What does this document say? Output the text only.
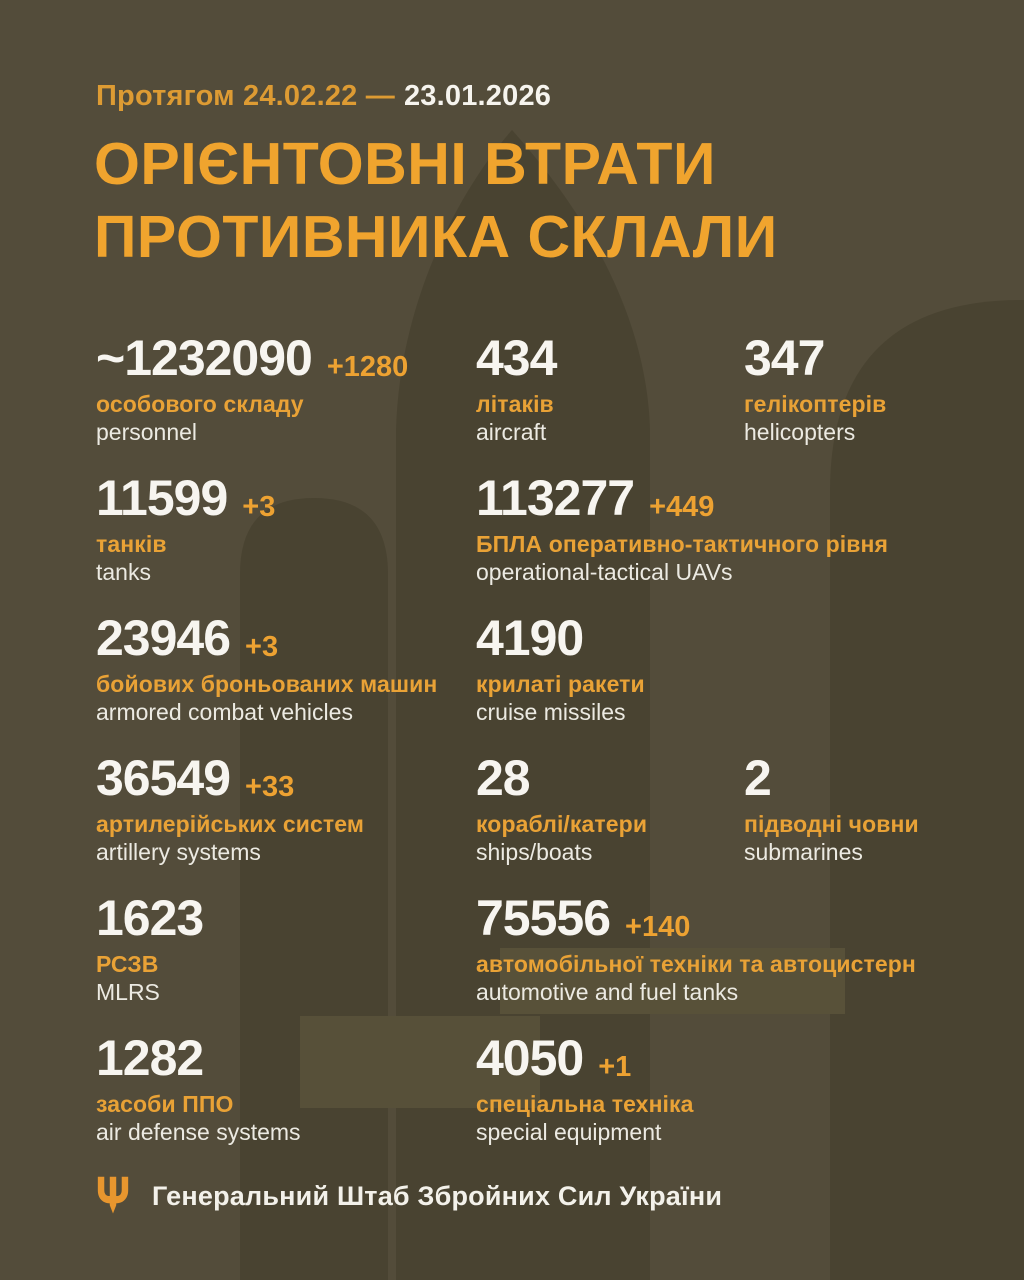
Протягом 24.02.22 — 23.01.2026
ОРІЄНТОВНІ ВТРАТИ
ПРОТИВНИКА СКЛАЛИ
~1232090 +1280
особового складу
personnel
434
літаків
aircraft
347
гелікоптерів
helicopters
11599 +3
танків
tanks
113277 +449
БПЛА оперативно-тактичного рівня
operational-tactical UAVs
23946 +3
бойових броньованих машин
armored combat vehicles
4190
крилаті ракети
cruise missiles
36549 +33
артилерійських систем
artillery systems
28
кораблі/катери
ships/boats
2
підводні човни
submarines
1623
РСЗВ
MLRS
75556 +140
автомобільної техніки та автоцистерн
automotive and fuel tanks
1282
засоби ППО
air defense systems
4050 +1
спеціальна техніка
special equipment
Генеральний Штаб Збройних Сил України
